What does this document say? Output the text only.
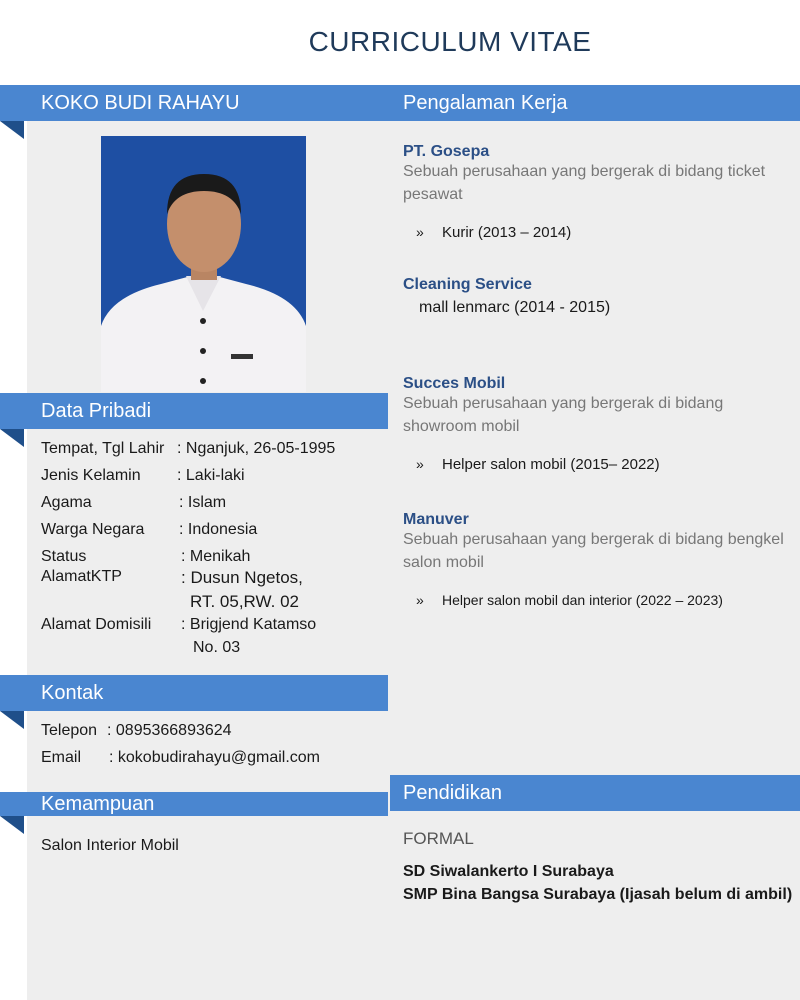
CURRICULUM VITAE
KOKO BUDI RAHAYU	Pengalaman Kerja
Data Pribadi
Tempat, Tgl Lahir : Nganjuk, 26-05-1995
Jenis Kelamin : Laki-laki
Agama	: Islam
Warga Negara : Indonesia
Status	: Menikah
AlamatKTP	: Dusun Ngetos,
RT. 05,RW. 02
Alamat Domisili : Brigjend Katamso
No. 03
Kontak
Telepon : 0895366893624
Email : kokobudirahayu@gmail.com
Kemampuan
Salon Interior Mobil
PT. Gosepa
Sebuah perusahaan yang bergerak di bidang ticket pesawat
» Kurir (2013 – 2014)
Cleaning Service
mall lenmarc (2014 - 2015)
Succes Mobil
Sebuah perusahaan yang bergerak di bidang showroom mobil
» Helper salon mobil (2015– 2022)
Manuver
Sebuah perusahaan yang bergerak di bidang bengkel salon mobil
» Helper salon mobil dan interior (2022 – 2023)
Pendidikan
FORMAL
SD Siwalankerto I Surabaya
SMP Bina Bangsa Surabaya (Ijasah belum di ambil)
